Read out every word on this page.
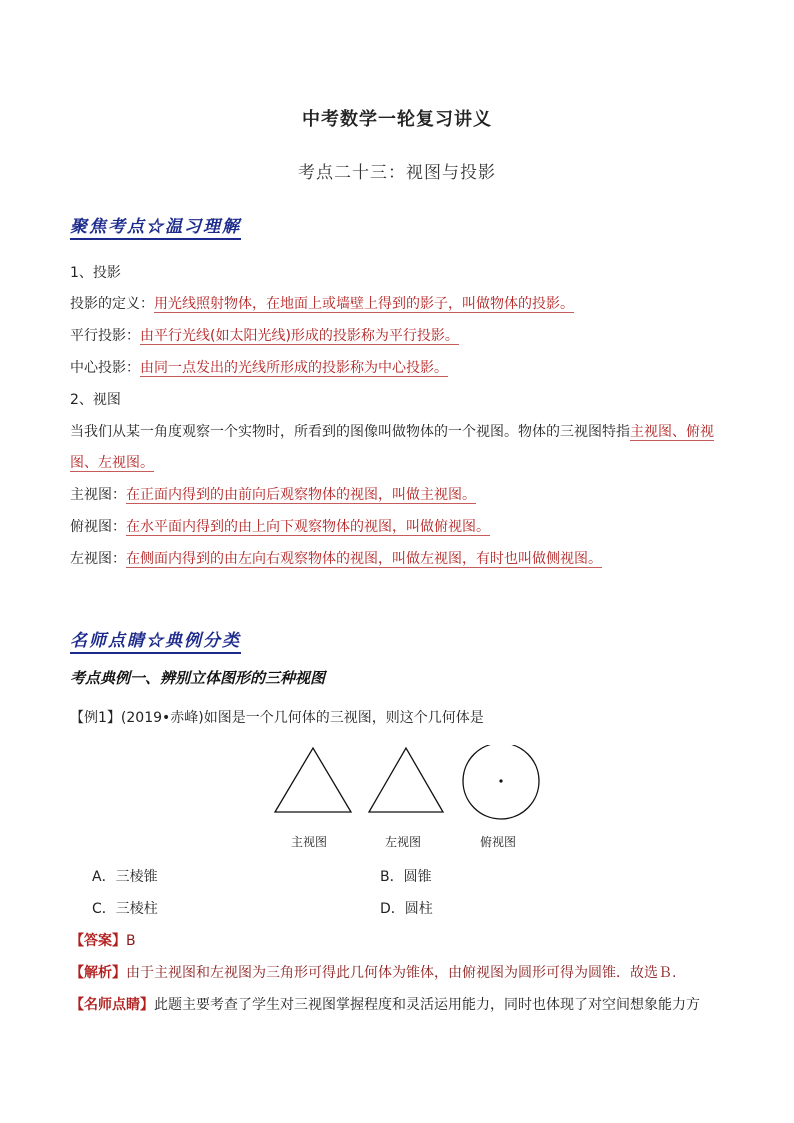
中考数学一轮复习讲义
考点二十三：视图与投影
聚焦考点☆温习理解
1、投影
投影的定义：用光线照射物体，在地面上或墙壁上得到的影子，叫做物体的投影。
平行投影：由平行光线(如太阳光线)形成的投影称为平行投影。
中心投影：由同一点发出的光线所形成的投影称为中心投影。
2、视图
当我们从某一角度观察一个实物时，所看到的图像叫做物体的一个视图。物体的三视图特指主视图、俯视
图、左视图。
主视图：在正面内得到的由前向后观察物体的视图，叫做主视图。
俯视图：在水平面内得到的由上向下观察物体的视图，叫做俯视图。
左视图：在侧面内得到的由左向右观察物体的视图，叫做左视图，有时也叫做侧视图。
名师点睛☆典例分类
考点典例一、辨别立体图形的三种视图
【例1】(2019•赤峰)如图是一个几何体的三视图，则这个几何体是
主视图	左视图	俯视图
A．三棱锥	B．圆锥
C．三棱柱	D．圆柱
【答案】B
【解析】由于主视图和左视图为三角形可得此几何体为锥体，由俯视图为圆形可得为圆锥．故选Ｂ.
【名师点睛】此题主要考查了学生对三视图掌握程度和灵活运用能力，同时也体现了对空间想象能力方
